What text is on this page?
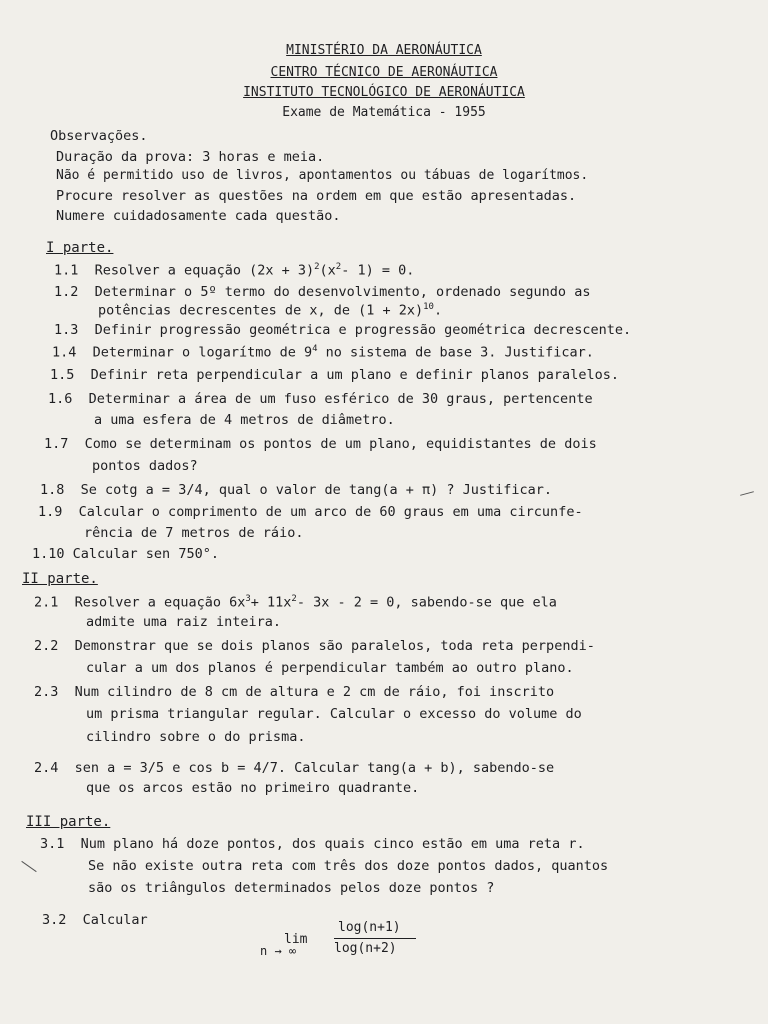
MINISTÉRIO DA AERONÁUTICA
CENTRO TÉCNICO DE AERONÁUTICA
INSTITUTO TECNOLÓGICO DE AERONÁUTICA
Exame de Matemática - 1955
Observações.
Duração da prova: 3 horas e meia.
Não é permitido uso de livros, apontamentos ou tábuas de logarítmos.
Procure resolver as questões na ordem em que estão apresentadas.
Numere cuidadosamente cada questão.
I parte.
1.1 Resolver a equação $(2x + 3)^2(x^2-$ 1) = 0.
1.2 Determinar o 5º termo do desenvolvimento, ordenado segundo as
potências decrescentes de x, de $(1 + 2x)^{10}$.
1.3 Definir progressão geométrica e progressão geométrica decrescente.
1.4 Determinar o logarítmo de $9^4$ no sistema de base 3. Justificar.
1.5 Definir reta perpendicular a um plano e definir planos paralelos.
1.6 Determinar a área de um fuso esférico de 30 graus, pertencente
a uma esfera de 4 metros de diâmetro.
1.7 Como se determinam os pontos de um plano, equidistantes de dois
pontos dados?
1.8 Se cotg a = 3/4, qual o valor de tang(a + π) ? Justificar.
1.9 Calcular o comprimento de um arco de 60 graus em uma circunfe-
rência de 7 metros de ráio.
1.10 Calcular sen 750°.
II parte.
2.1 Resolver a equação $6x^3+ 11x^2-$ 3x - 2 = 0, sabendo-se que ela
admite uma raiz inteira.
2.2 Demonstrar que se dois planos são paralelos, toda reta perpendi-
cular a um dos planos é perpendicular também ao outro plano.
2.3 Num cilindro de 8 cm de altura e 2 cm de ráio, foi inscrito
um prisma triangular regular. Calcular o excesso do volume do
cilindro sobre o do prisma.
2.4 sen a = 3/5 e cos b = 4/7. Calcular tang(a + b), sabendo-se
que os arcos estão no primeiro quadrante.
III parte.
3.1 Num plano há doze pontos, dos quais cinco estão em uma reta r.
Se não existe outra reta com três dos doze pontos dados, quantos
são os triângulos determinados pelos doze pontos ?
3.2 Calcular
lim
n → ∞
log(n+1)
log(n+2)
